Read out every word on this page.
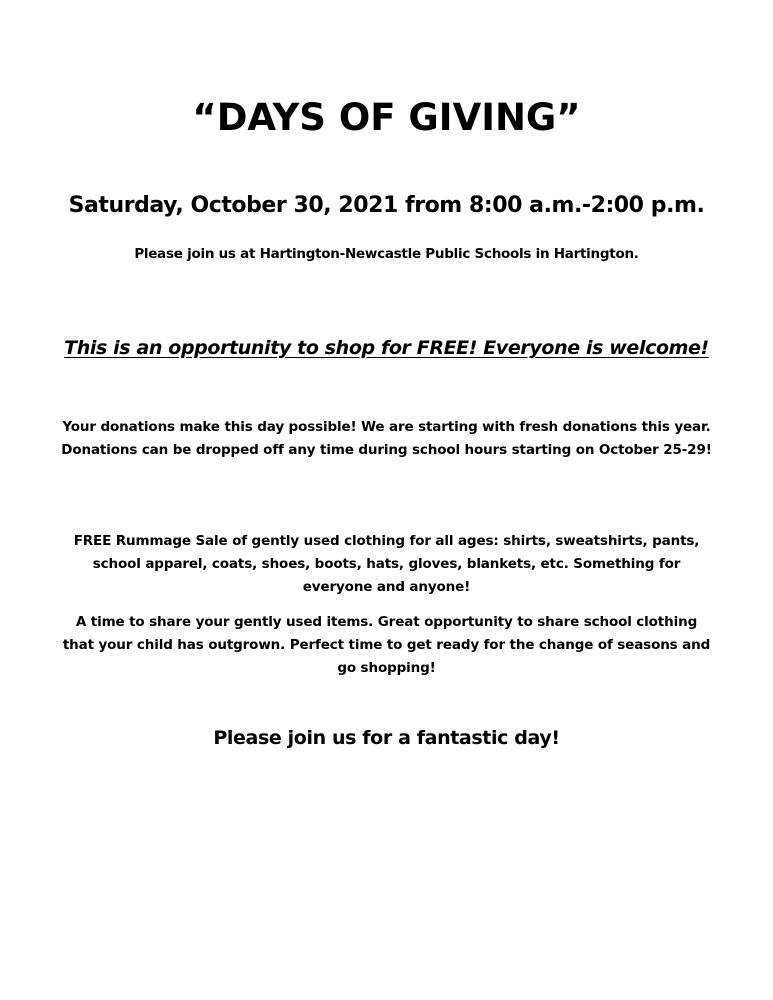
“DAYS OF GIVING”
Saturday, October 30, 2021 from 8:00 a.m.-2:00 p.m.
Please join us at Hartington-Newcastle Public Schools in Hartington.
This is an opportunity to shop for FREE! Everyone is welcome!
Your donations make this day possible! We are starting with fresh donations this year. Donations can be dropped off any time during school hours starting on October 25-29!
FREE Rummage Sale of gently used clothing for all ages: shirts, sweatshirts, pants, school apparel, coats, shoes, boots, hats, gloves, blankets, etc. Something for everyone and anyone!
A time to share your gently used items. Great opportunity to share school clothing that your child has outgrown. Perfect time to get ready for the change of seasons and go shopping!
Please join us for a fantastic day!
